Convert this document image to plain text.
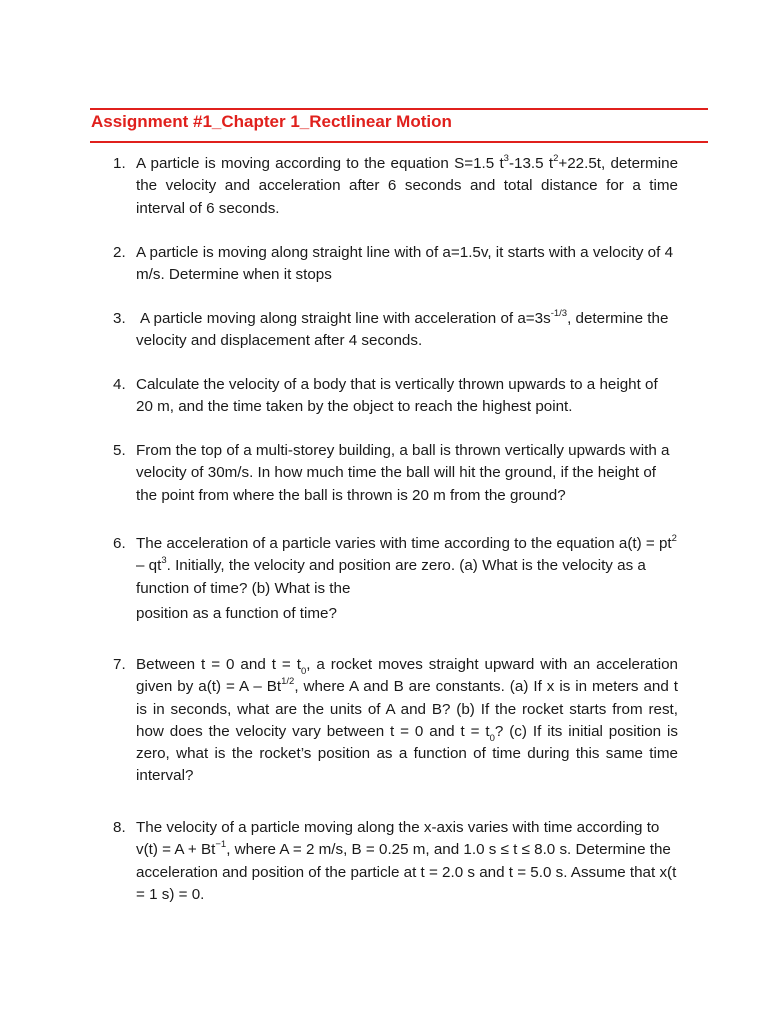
Assignment #1_Chapter 1_Rectlinear Motion
1. A particle is moving according to the equation S=1.5 $t^3-13.5$ $t^2+22.5t$, determine the velocity and acceleration after 6 seconds and total distance for a time interval of 6 seconds.
2. A particle is moving along straight line with of a=1.5v, it starts with a velocity of 4 m/s. Determine when it stops
3. A particle moving along straight line with acceleration of $a=3s^{-1/3}$, determine the velocity and displacement after 4 seconds.
4. Calculate the velocity of a body that is vertically thrown upwards to a height of 20 m, and the time taken by the object to reach the highest point.
5. From the top of a multi-storey building, a ball is thrown vertically upwards with a velocity of 30m/s. In how much time the ball will hit the ground, if the height of the point from where the ball is thrown is 20 m from the ground?
6. The acceleration of a particle varies with time according to the equation $a(t) = pt^2 - qt^3$. Initially, the velocity and position are zero. (a) What is the velocity as a function of time? (b) What is the
position as a function of time?
7. Between t = 0 and $t = t_0$, a rocket moves straight upward with an acceleration given by $a(t) = A - Bt^{1/2}$, where A and B are constants. (a) If x is in meters and t is in seconds, what are the units of A and B? (b) If the rocket starts from rest, how does the velocity vary between t = 0 and $t = t_0$? (c) If its initial position is zero, what is the rocket’s position as a function of time during this same time interval?
8. The velocity of a particle moving along the x-axis varies with time according to $v(t) = A + Bt^{-1}$, where A = 2 m/s, B = 0.25 m, and 1.0 s ≤ t ≤ 8.0 s. Determine the acceleration and position of the particle at t = 2.0 s and t = 5.0 s. Assume that x(t = 1 s) = 0.
